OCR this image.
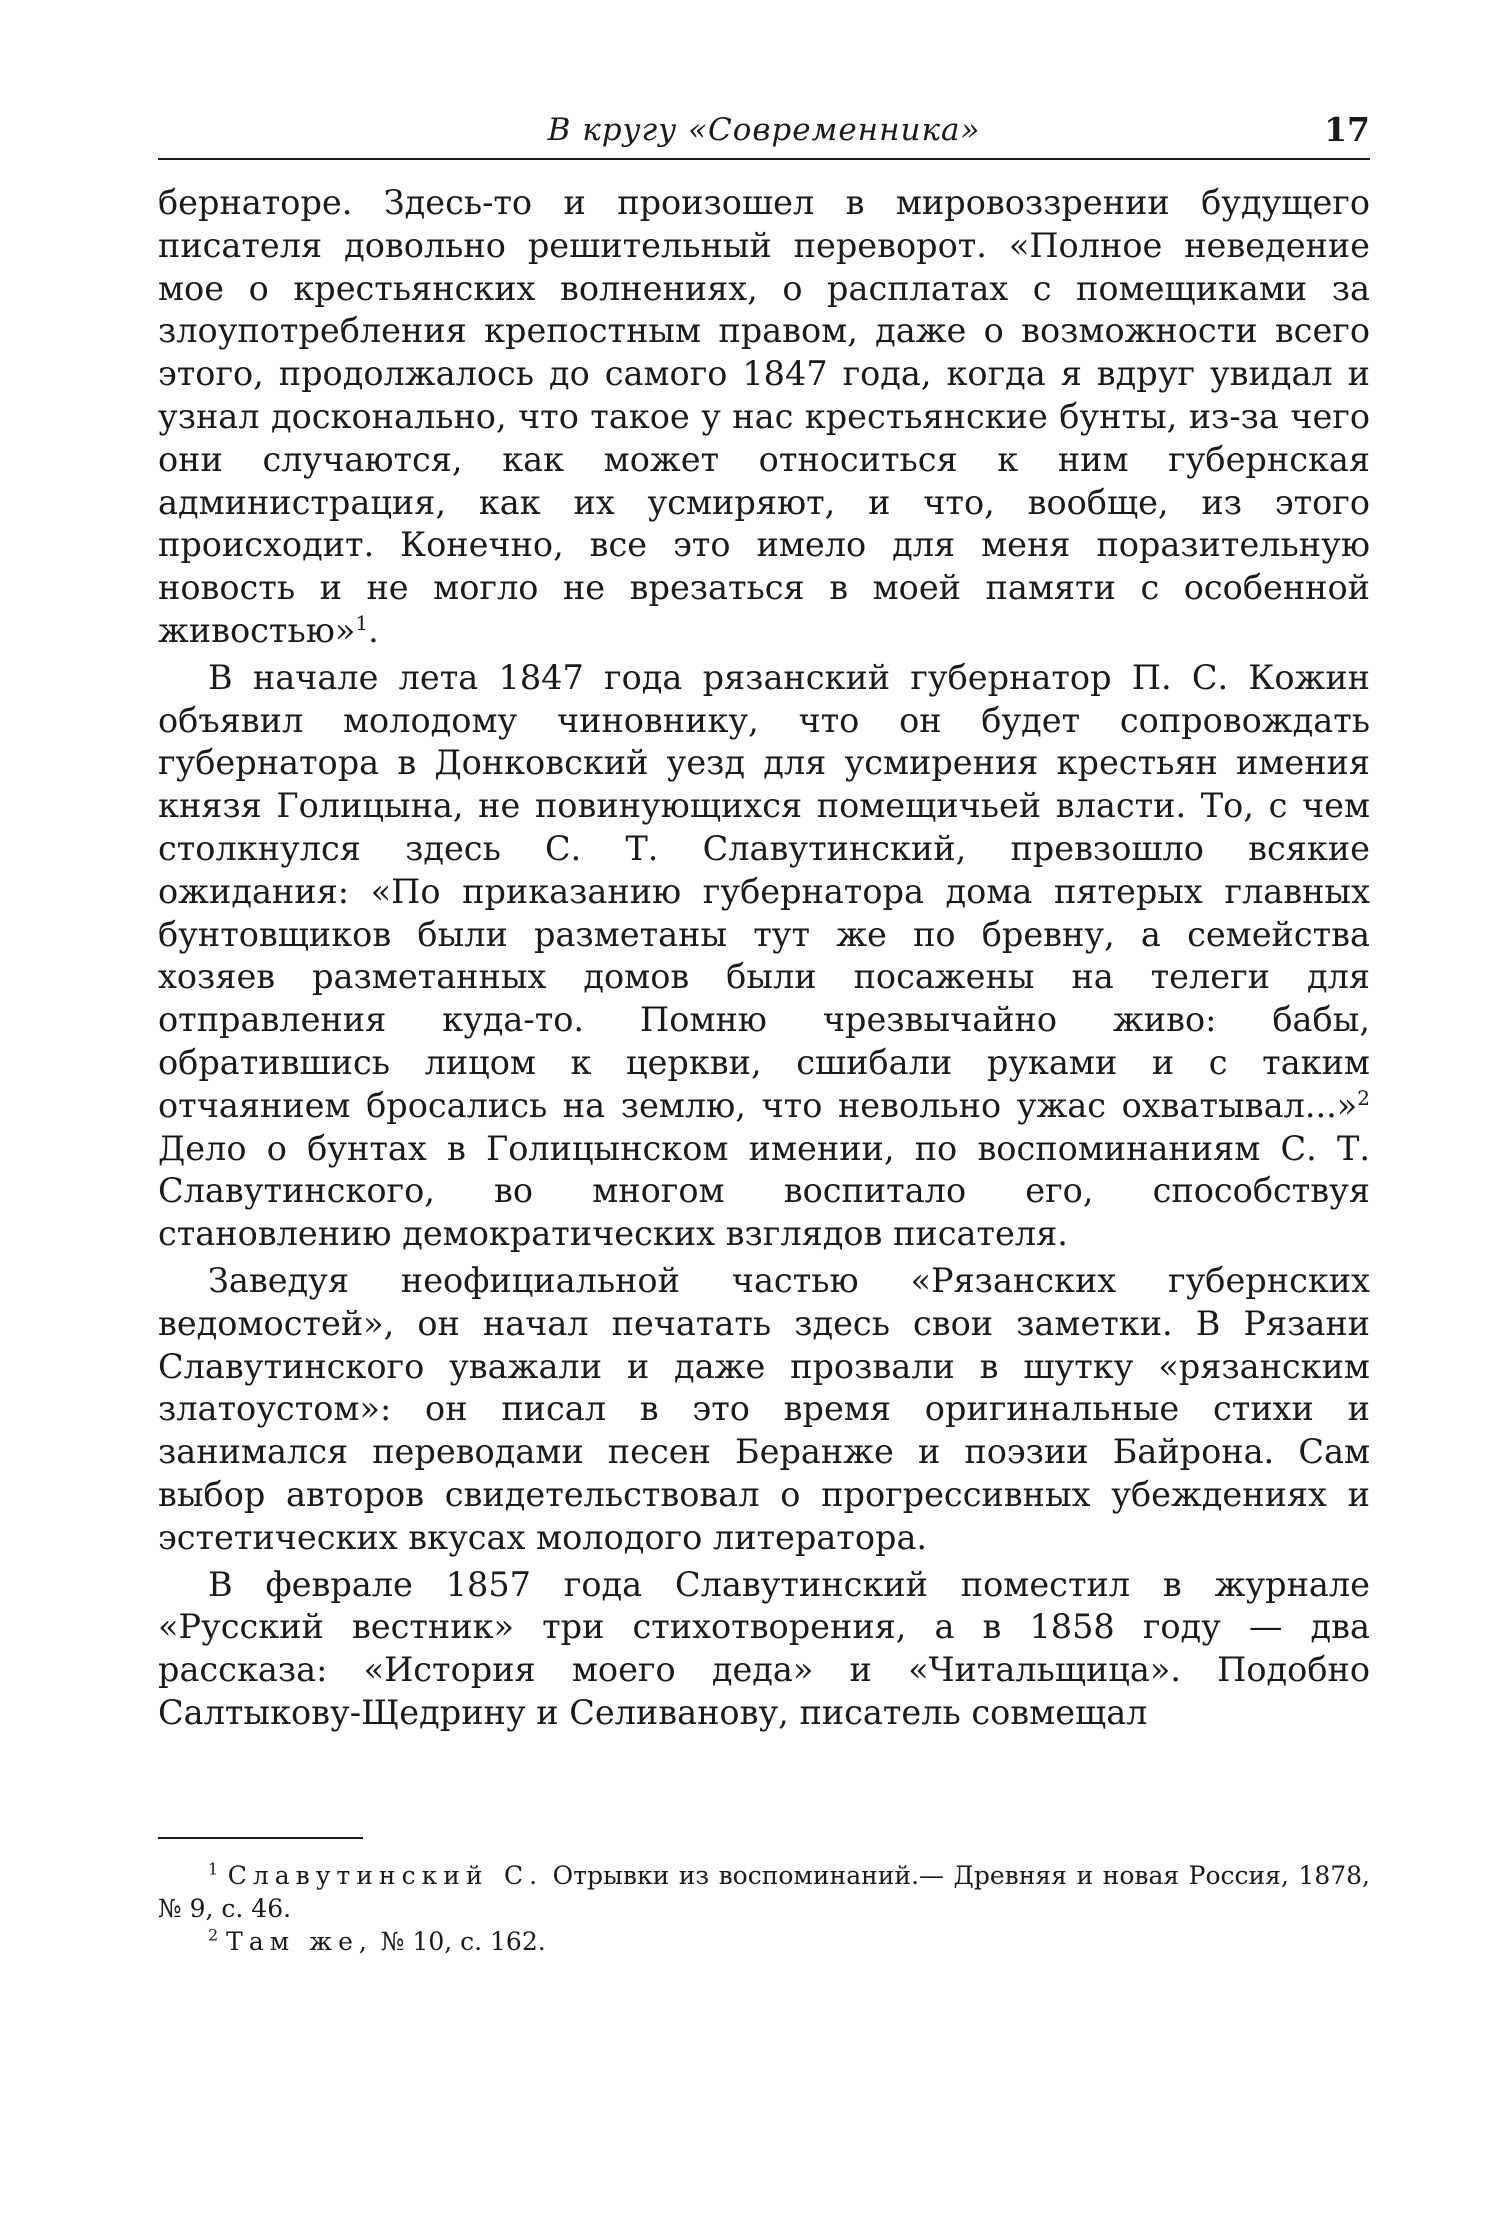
В кругу «Современника»	17

бернаторе. Здесь-то и произошел в мировоззрении будущего писателя довольно решительный переворот. «Полное неведение мое о крестьянских волнениях, о расплатах с помещиками за злоупотребления крепостным правом, даже о возможности всего этого, продолжалось до самого 1847 года, когда я вдруг увидал и узнал досконально, что такое у нас крестьянские бунты, из-за чего они случаются, как может относиться к ним губернская администрация, как их усмиряют, и что, вообще, из этого происходит. Конечно, все это имело для меня поразительную новость и не могло не врезаться в моей памяти с особенной живостью»$^1$.

В начале лета 1847 года рязанский губернатор П. С. Кожин объявил молодому чиновнику, что он будет сопровождать губернатора в Донковский уезд для усмирения крестьян имения князя Голицына, не повинующихся помещичьей власти. То, с чем столкнулся здесь С. Т. Славутинский, превзошло всякие ожидания: «По приказанию губернатора дома пятерых главных бунтовщиков были разметаны тут же по бревну, а семейства хозяев разметанных домов были посажены на телеги для отправления куда-то. Помню чрезвычайно живо: бабы, обратившись лицом к церкви, сшибали руками и с таким отчаянием бросались на землю, что невольно ужас охватывал...»$^2$ Дело о бунтах в Голицынском имении, по воспоминаниям С. Т. Славутинского, во многом воспитало его, способствуя становлению демократических взглядов писателя.

Заведуя неофициальной частью «Рязанских губернских ведомостей», он начал печатать здесь свои заметки. В Рязани Славутинского уважали и даже прозвали в шутку «рязанским златоустом»: он писал в это время оригинальные стихи и занимался переводами песен Беранже и поэзии Байрона. Сам выбор авторов свидетельствовал о прогрессивных убеждениях и эстетических вкусах молодого литератора.

В феврале 1857 года Славутинский поместил в журнале «Русский вестник» три стихотворения, а в 1858 году — два рассказа: «История моего деда» и «Читальщица». Подобно Салтыкову-Щедрину и Селиванову, писатель совмещал

$^1$ Славутинский С. Отрывки из воспоминаний.— Древняя и новая Россия, 1878, № 9, с. 46.

$^2$ Там же, № 10, с. 162.
